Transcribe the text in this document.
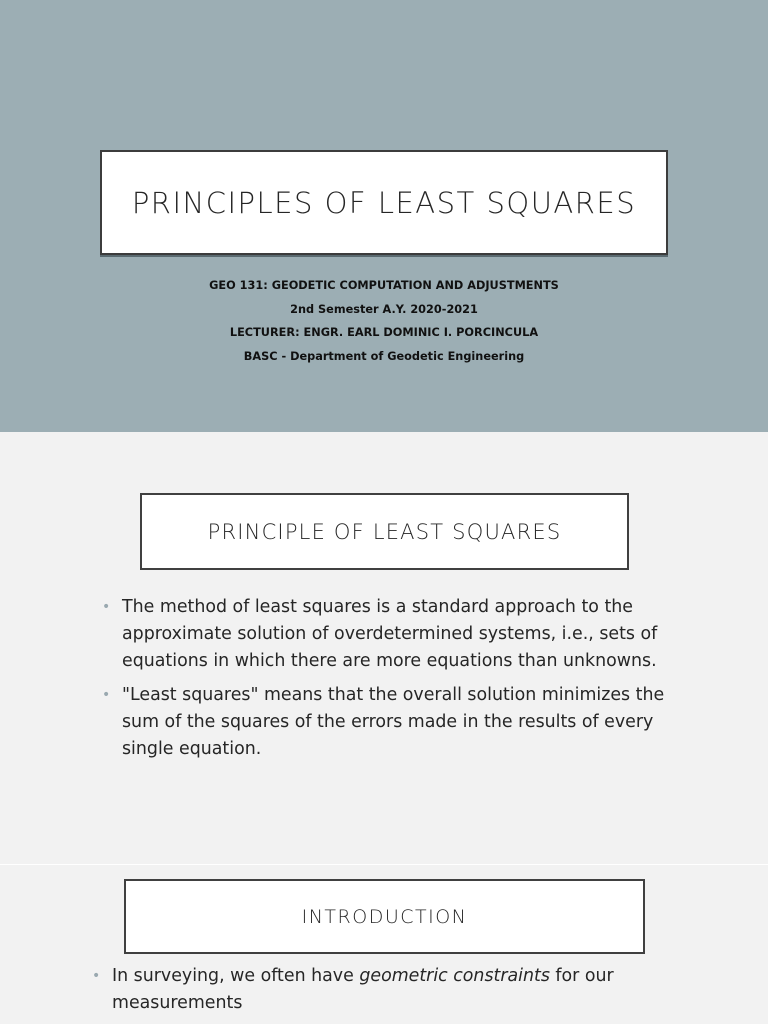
PRINCIPLES OF LEAST SQUARES
GEO 131: GEODETIC COMPUTATION AND ADJUSTMENTS
2nd Semester A.Y. 2020-2021
LECTURER: ENGR. EARL DOMINIC I. PORCINCULA
BASC - Department of Geodetic Engineering
PRINCIPLE OF LEAST SQUARES
• The method of least squares is a standard approach to the approximate solution of overdetermined systems, i.e., sets of equations in which there are more equations than unknowns.
• "Least squares" means that the overall solution minimizes the sum of the squares of the errors made in the results of every single equation.
INTRODUCTION
• In surveying, we often have geometric constraints for our measurements
